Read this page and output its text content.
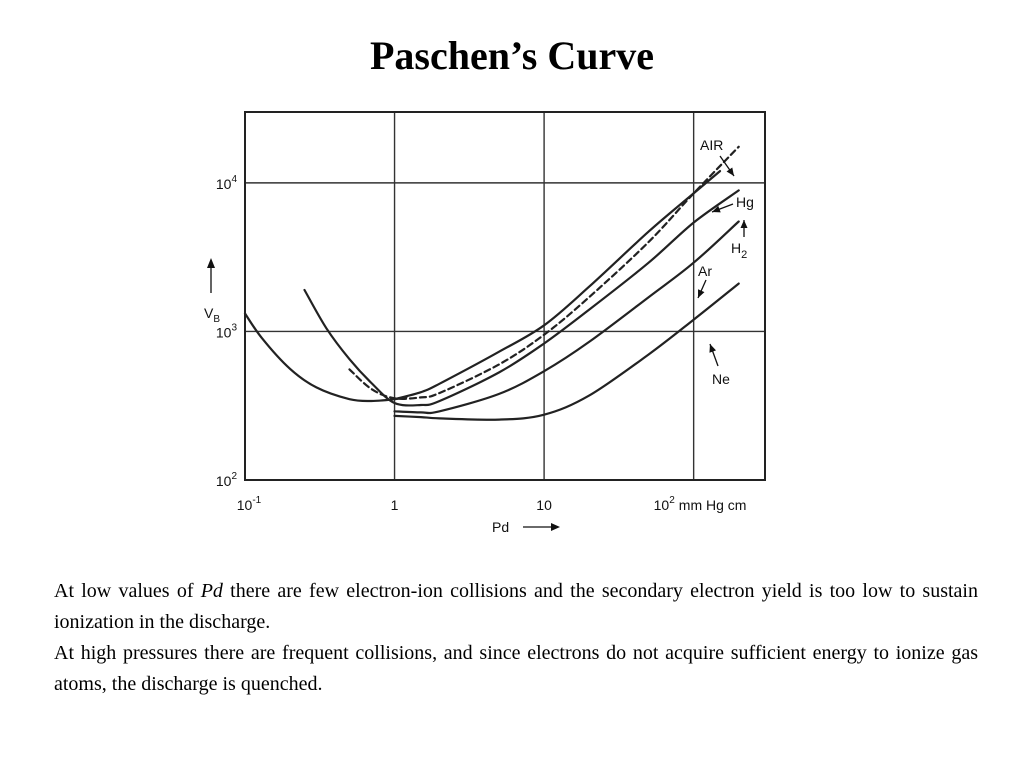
Paschen’s Curve
AIR
Hg
$H_2$
Ar
Ne
$10^{-1}$	1	10	$10^2$ mm Hg cm
$10^2$
$10^3$
$10^4$
Pd
$V_B$

At low values of Pd there are few electron-ion collisions and the secondary electron yield is too low to sustain ionization in the discharge.

At high pressures there are frequent collisions, and since electrons do not acquire sufficient energy to ionize gas atoms, the discharge is quenched.
